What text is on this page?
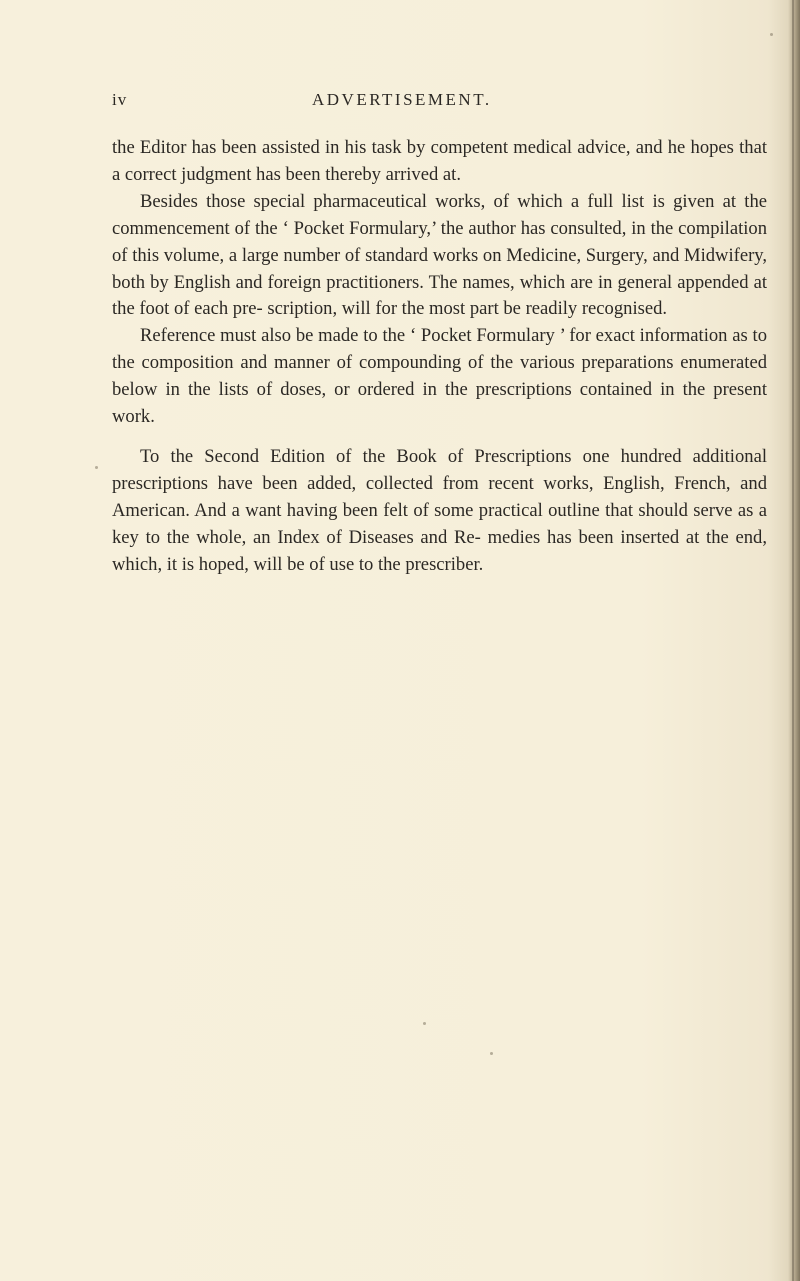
iv	ADVERTISEMENT.

the Editor has been assisted in his task by competent medical advice, and he hopes that a correct judgment has been thereby arrived at.

Besides those special pharmaceutical works, of which a full list is given at the commencement of the ‘ Pocket Formulary,’ the author has consulted, in the compilation of this volume, a large number of standard works on Medicine, Surgery, and Midwifery, both by English and foreign practitioners. The names, which are in general appended at the foot of each pre- scription, will for the most part be readily recognised.

Reference must also be made to the ‘ Pocket Formulary ’ for exact information as to the composition and manner of compounding of the various preparations enumerated below in the lists of doses, or ordered in the prescriptions contained in the present work.

To the Second Edition of the Book of Prescriptions one hundred additional prescriptions have been added, collected from recent works, English, French, and American. And a want having been felt of some practical outline that should serve as a key to the whole, an Index of Diseases and Re- medies has been inserted at the end, which, it is hoped, will be of use to the prescriber.
